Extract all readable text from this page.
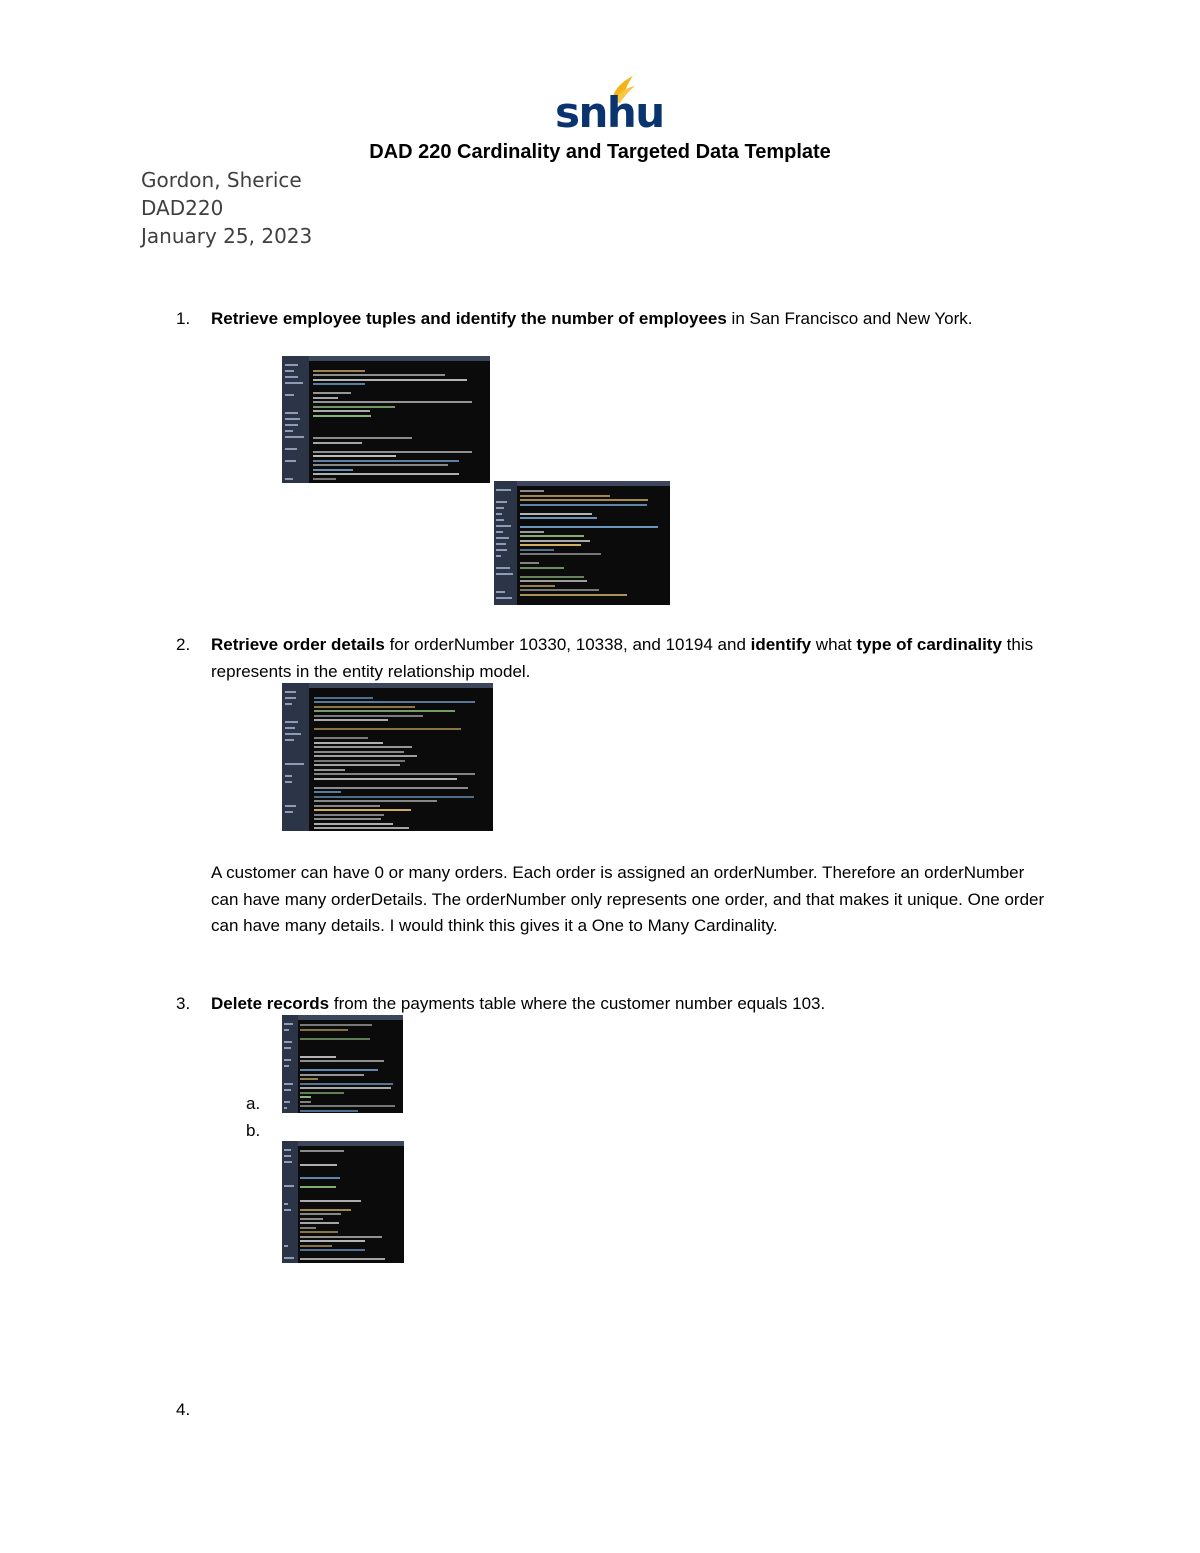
snhu
DAD 220 Cardinality and Targeted Data Template
Gordon, Sherice
DAD220
January 25, 2023
1. Retrieve employee tuples and identify the number of employees in San Francisco and New York.
2. Retrieve order details for orderNumber 10330, 10338, and 10194 and identify what type of cardinality this represents in the entity relationship model.
A customer can have 0 or many orders. Each order is assigned an orderNumber. Therefore an orderNumber can have many orderDetails. The orderNumber only represents one order, and that makes it unique. One order can have many details. I would think this gives it a One to Many Cardinality.
3. Delete records from the payments table where the customer number equals 103.
a.
b.
4.
